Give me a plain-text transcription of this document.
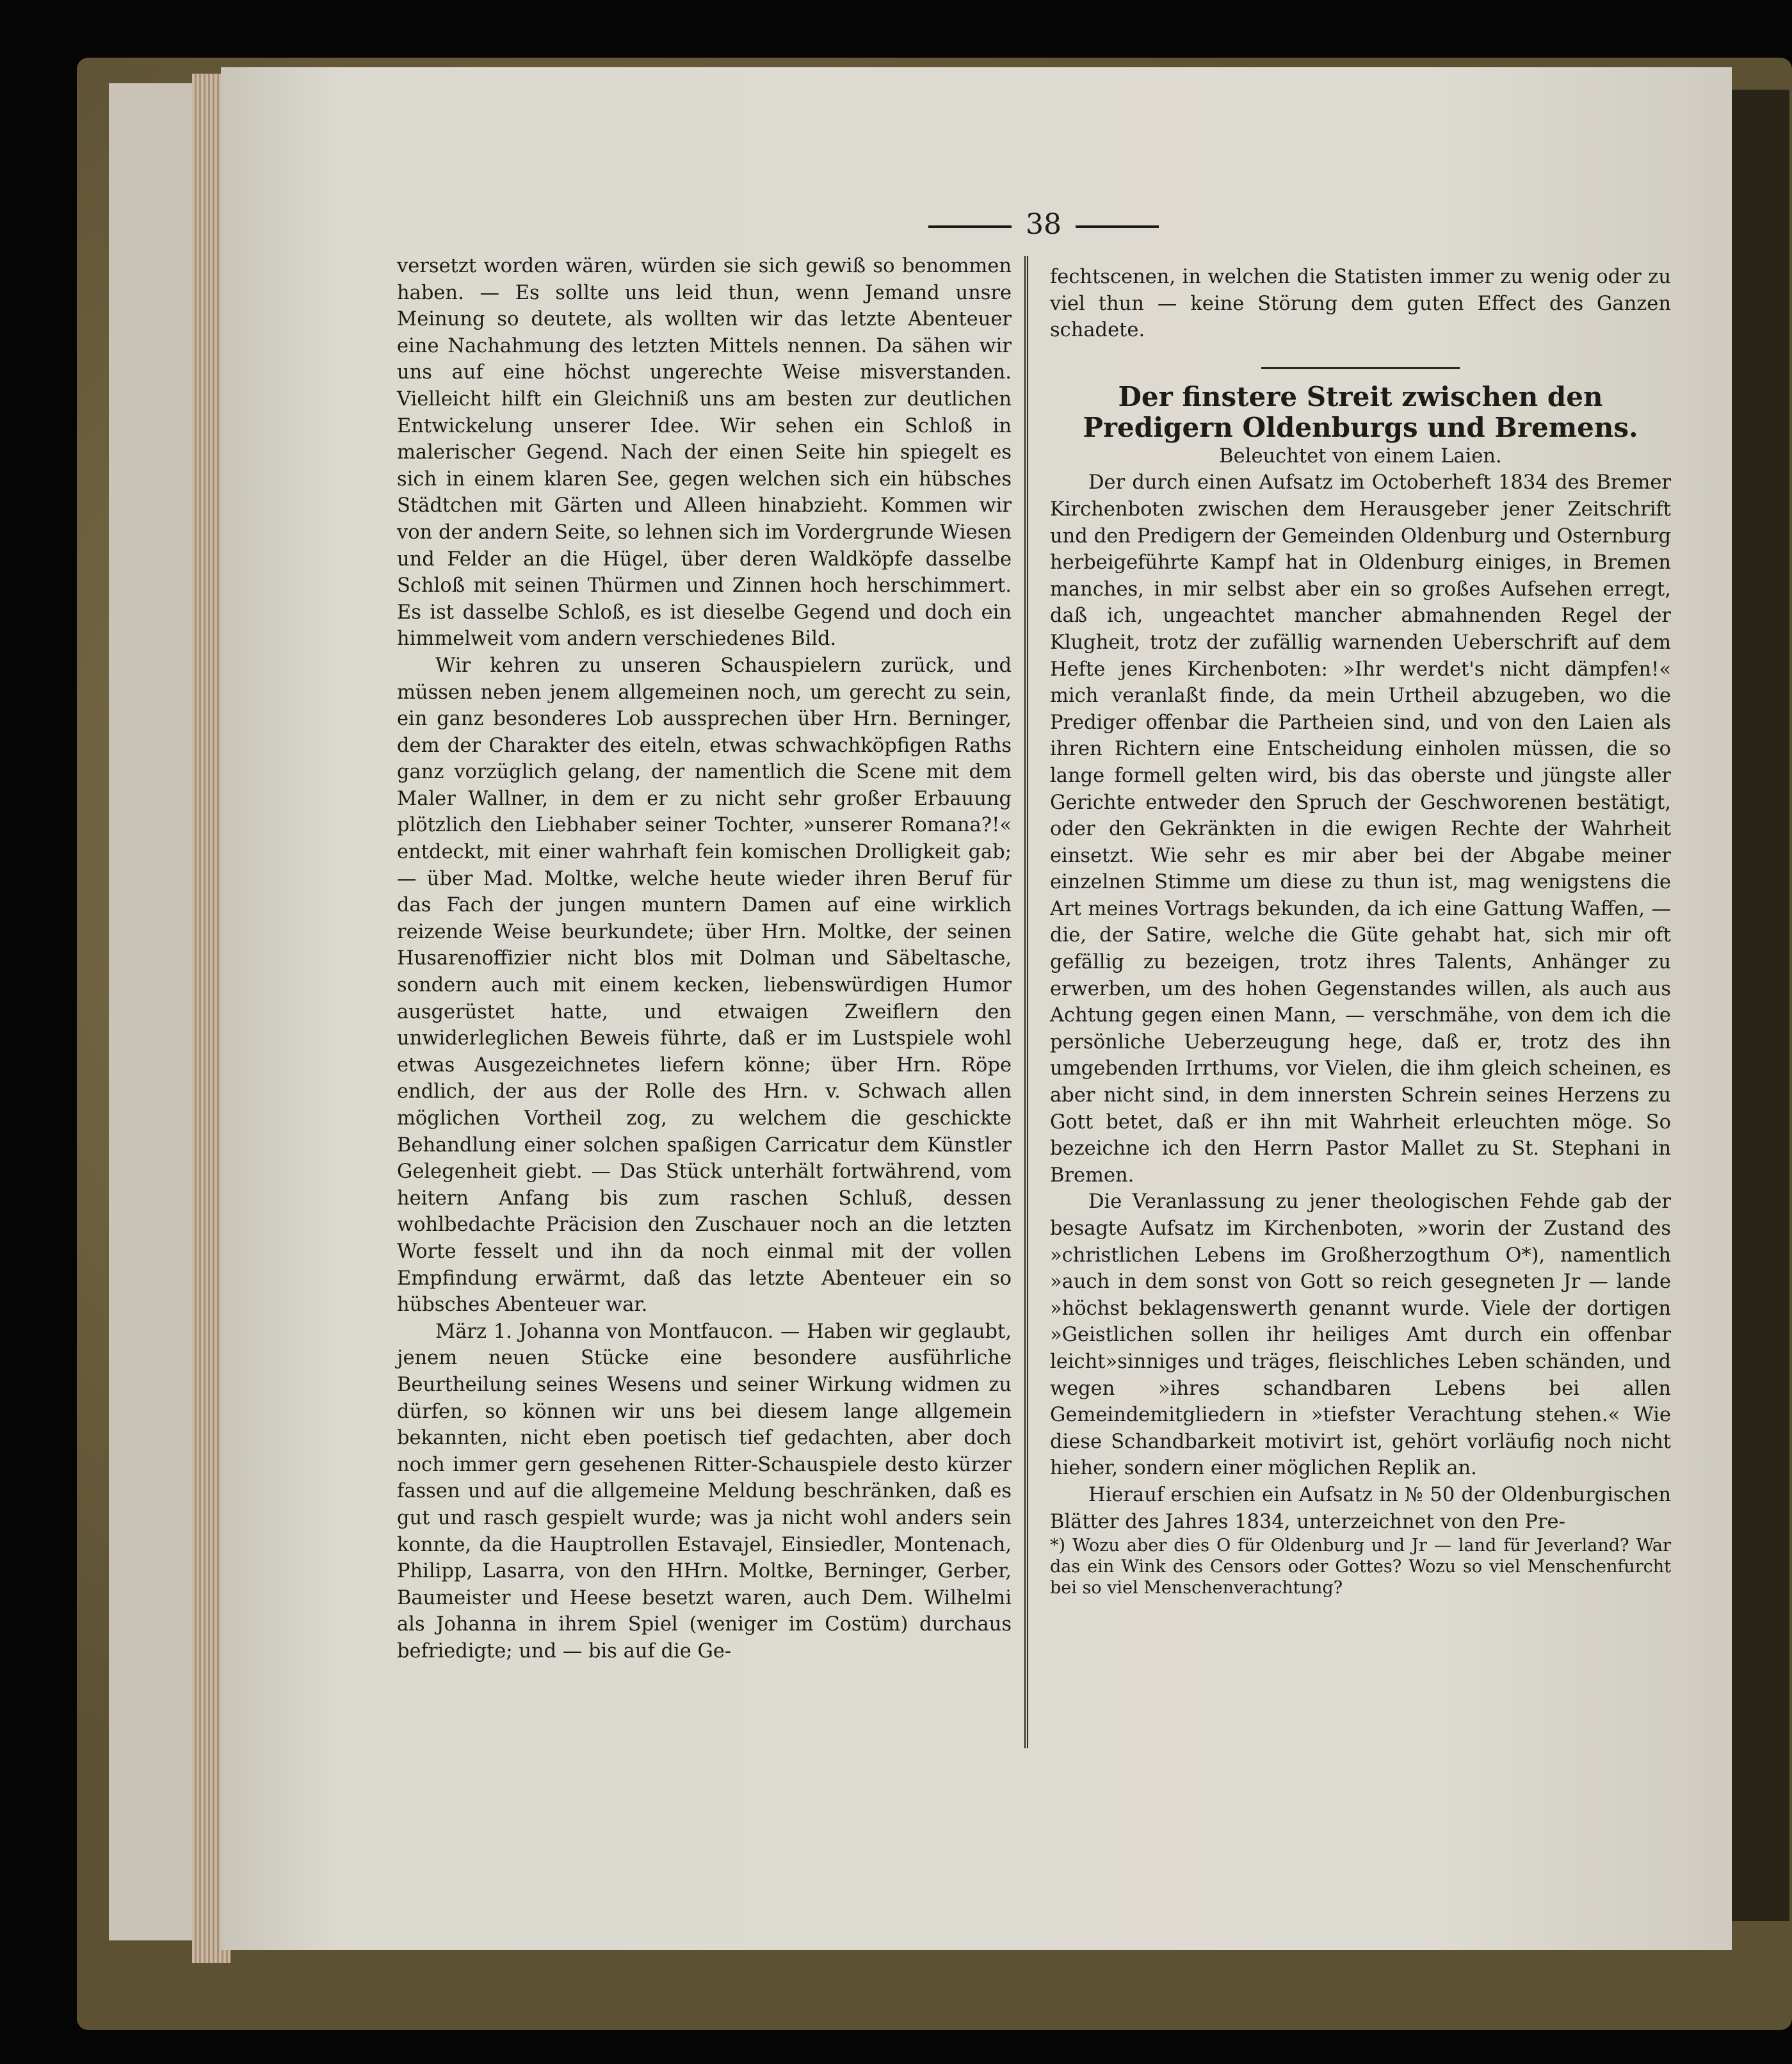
38

versetzt worden wären, würden sie sich gewiß so benommen haben. — Es sollte uns leid thun, wenn Jemand unsre Meinung so deutete, als wollten wir das letzte Abenteuer eine Nachahmung des letzten Mittels nennen. Da sähen wir uns auf eine höchst ungerechte Weise misverstanden. Vielleicht hilft ein Gleichniß uns am besten zur deutlichen Entwickelung unserer Idee. Wir sehen ein Schloß in malerischer Gegend. Nach der einen Seite hin spiegelt es sich in einem klaren See, gegen welchen sich ein hübsches Städtchen mit Gärten und Alleen hinabzieht. Kommen wir von der andern Seite, so lehnen sich im Vordergrunde Wiesen und Felder an die Hügel, über deren Waldköpfe dasselbe Schloß mit seinen Thürmen und Zinnen hoch herschimmert. Es ist dasselbe Schloß, es ist dieselbe Gegend und doch ein himmelweit vom andern verschiedenes Bild.

Wir kehren zu unseren Schauspielern zurück, und müssen neben jenem allgemeinen noch, um gerecht zu sein, ein ganz besonderes Lob aussprechen über Hrn. Berninger, dem der Charakter des eiteln, etwas schwachköpfigen Raths ganz vorzüglich gelang, der namentlich die Scene mit dem Maler Wallner, in dem er zu nicht sehr großer Erbauung plötzlich den Liebhaber seiner Tochter, »unserer Romana?!« entdeckt, mit einer wahrhaft fein komischen Drolligkeit gab; — über Mad. Moltke, welche heute wieder ihren Beruf für das Fach der jungen muntern Damen auf eine wirklich reizende Weise beurkundete; über Hrn. Moltke, der seinen Husarenoffizier nicht blos mit Dolman und Säbeltasche, sondern auch mit einem kecken, liebenswürdigen Humor ausgerüstet hatte, und etwaigen Zweiflern den unwiderleglichen Beweis führte, daß er im Lustspiele wohl etwas Ausgezeichnetes liefern könne; über Hrn. Röpe endlich, der aus der Rolle des Hrn. v. Schwach allen möglichen Vortheil zog, zu welchem die geschickte Behandlung einer solchen spaßigen Carricatur dem Künstler Gelegenheit giebt. — Das Stück unterhält fortwährend, vom heitern Anfang bis zum raschen Schluß, dessen wohlbedachte Präcision den Zuschauer noch an die letzten Worte fesselt und ihn da noch einmal mit der vollen Empfindung erwärmt, daß das letzte Abenteuer ein so hübsches Abenteuer war.

März 1. Johanna von Montfaucon. — Haben wir geglaubt, jenem neuen Stücke eine besondere ausführliche Beurtheilung seines Wesens und seiner Wirkung widmen zu dürfen, so können wir uns bei diesem lange allgemein bekannten, nicht eben poetisch tief gedachten, aber doch noch immer gern gesehenen Ritter-Schauspiele desto kürzer fassen und auf die allgemeine Meldung beschränken, daß es gut und rasch gespielt wurde; was ja nicht wohl anders sein konnte, da die Hauptrollen Estavajel, Einsiedler, Montenach, Philipp, Lasarra, von den HHrn. Moltke, Berninger, Gerber, Baumeister und Heese besetzt waren, auch Dem. Wilhelmi als Johanna in ihrem Spiel (weniger im Costüm) durchaus befriedigte; und — bis auf die Ge-

fechtscenen, in welchen die Statisten immer zu wenig oder zu viel thun — keine Störung dem guten Effect des Ganzen schadete.

Der finstere Streit zwischen den Predigern Oldenburgs und Bremens.

Beleuchtet von einem Laien.

Der durch einen Aufsatz im Octoberheft 1834 des Bremer Kirchenboten zwischen dem Herausgeber jener Zeitschrift und den Predigern der Gemeinden Oldenburg und Osternburg herbeigeführte Kampf hat in Oldenburg einiges, in Bremen manches, in mir selbst aber ein so großes Aufsehen erregt, daß ich, ungeachtet mancher abmahnenden Regel der Klugheit, trotz der zufällig warnenden Ueberschrift auf dem Hefte jenes Kirchenboten: »Ihr werdet's nicht dämpfen!« mich veranlaßt finde, da mein Urtheil abzugeben, wo die Prediger offenbar die Partheien sind, und von den Laien als ihren Richtern eine Entscheidung einholen müssen, die so lange formell gelten wird, bis das oberste und jüngste aller Gerichte entweder den Spruch der Geschworenen bestätigt, oder den Gekränkten in die ewigen Rechte der Wahrheit einsetzt. Wie sehr es mir aber bei der Abgabe meiner einzelnen Stimme um diese zu thun ist, mag wenigstens die Art meines Vortrags bekunden, da ich eine Gattung Waffen, — die, der Satire, welche die Güte gehabt hat, sich mir oft gefällig zu bezeigen, trotz ihres Talents, Anhänger zu erwerben, um des hohen Gegenstandes willen, als auch aus Achtung gegen einen Mann, — verschmähe, von dem ich die persönliche Ueberzeugung hege, daß er, trotz des ihn umgebenden Irrthums, vor Vielen, die ihm gleich scheinen, es aber nicht sind, in dem innersten Schrein seines Herzens zu Gott betet, daß er ihn mit Wahrheit erleuchten möge. So bezeichne ich den Herrn Pastor Mallet zu St. Stephani in Bremen.

Die Veranlassung zu jener theologischen Fehde gab der besagte Aufsatz im Kirchenboten, »worin der Zustand des »christlichen Lebens im Großherzogthum O*), namentlich »auch in dem sonst von Gott so reich gesegneten Jr — lande »höchst beklagenswerth genannt wurde. Viele der dortigen »Geistlichen sollen ihr heiliges Amt durch ein offenbar leicht»sinniges und träges, fleischliches Leben schänden, und wegen »ihres schandbaren Lebens bei allen Gemeindemitgliedern in »tiefster Verachtung stehen.« Wie diese Schandbarkeit motivirt ist, gehört vorläufig noch nicht hieher, sondern einer möglichen Replik an.

Hierauf erschien ein Aufsatz in № 50 der Oldenburgischen Blätter des Jahres 1834, unterzeichnet von den Pre-

*) Wozu aber dies O für Oldenburg und Jr — land für Jeverland? War das ein Wink des Censors oder Gottes? Wozu so viel Menschenfurcht bei so viel Menschenverachtung?
